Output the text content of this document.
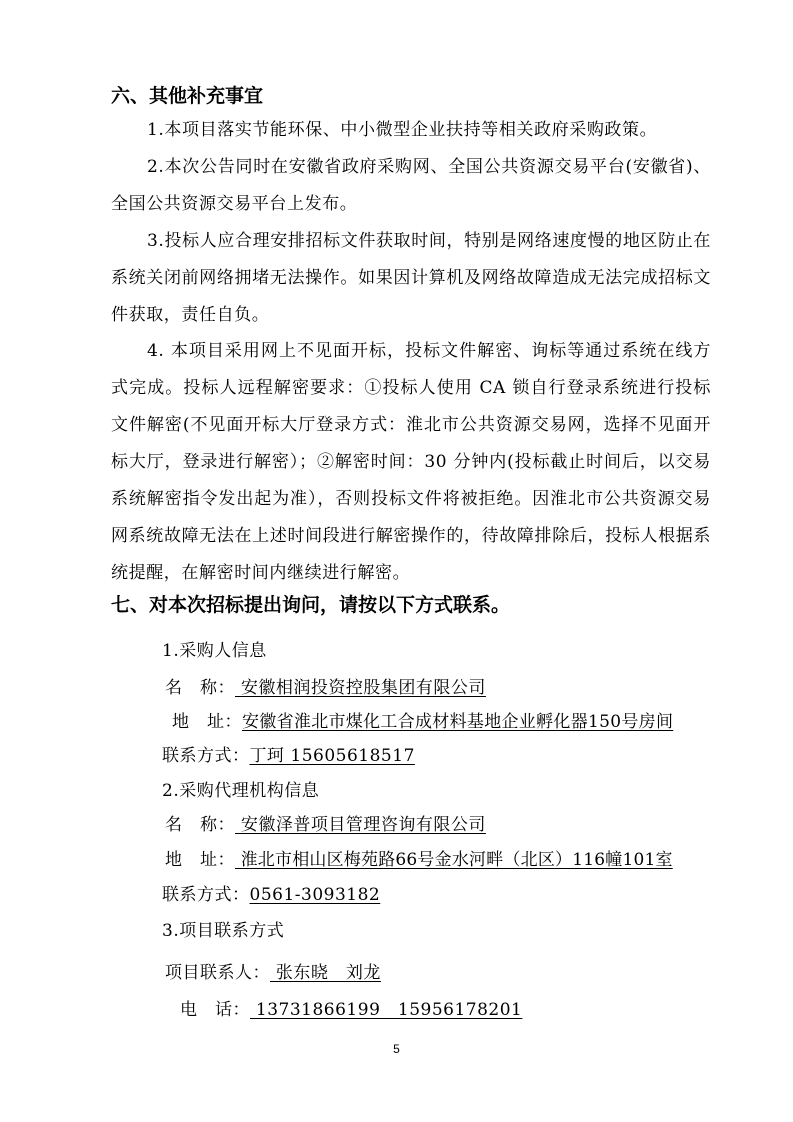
六、其他补充事宜

1.本项目落实节能环保、中小微型企业扶持等相关政府采购政策。

2.本次公告同时在安徽省政府采购网、全国公共资源交易平台(安徽省)、全国公共资源交易平台上发布。

3.投标人应合理安排招标文件获取时间，特别是网络速度慢的地区防止在系统关闭前网络拥堵无法操作。如果因计算机及网络故障造成无法完成招标文件获取，责任自负。

4. 本项目采用网上不见面开标，投标文件解密、询标等通过系统在线方式完成。投标人远程解密要求：①投标人使用 CA 锁自行登录系统进行投标文件解密(不见面开标大厅登录方式：淮北市公共资源交易网，选择不见面开标大厅，登录进行解密）；②解密时间：30 分钟内(投标截止时间后，以交易系统解密指令发出起为准），否则投标文件将被拒绝。因淮北市公共资源交易网系统故障无法在上述时间段进行解密操作的，待故障排除后，投标人根据系统提醒，在解密时间内继续进行解密。

七、对本次招标提出询问，请按以下方式联系。
1.采购人信息
名　称： 安徽相润投资控股集团有限公司
地　址：安徽省淮北市煤化工合成材料基地企业孵化器150号房间
联系方式：丁珂 15605618517
2.采购代理机构信息
名　称： 安徽泽普项目管理咨询有限公司
地　址： 淮北市相山区梅苑路66号金水河畔（北区）116幢101室
联系方式：0561-3093182
3.项目联系方式
项目联系人： 张东晓　刘龙
电　话： 13731866199　15956178201
5
